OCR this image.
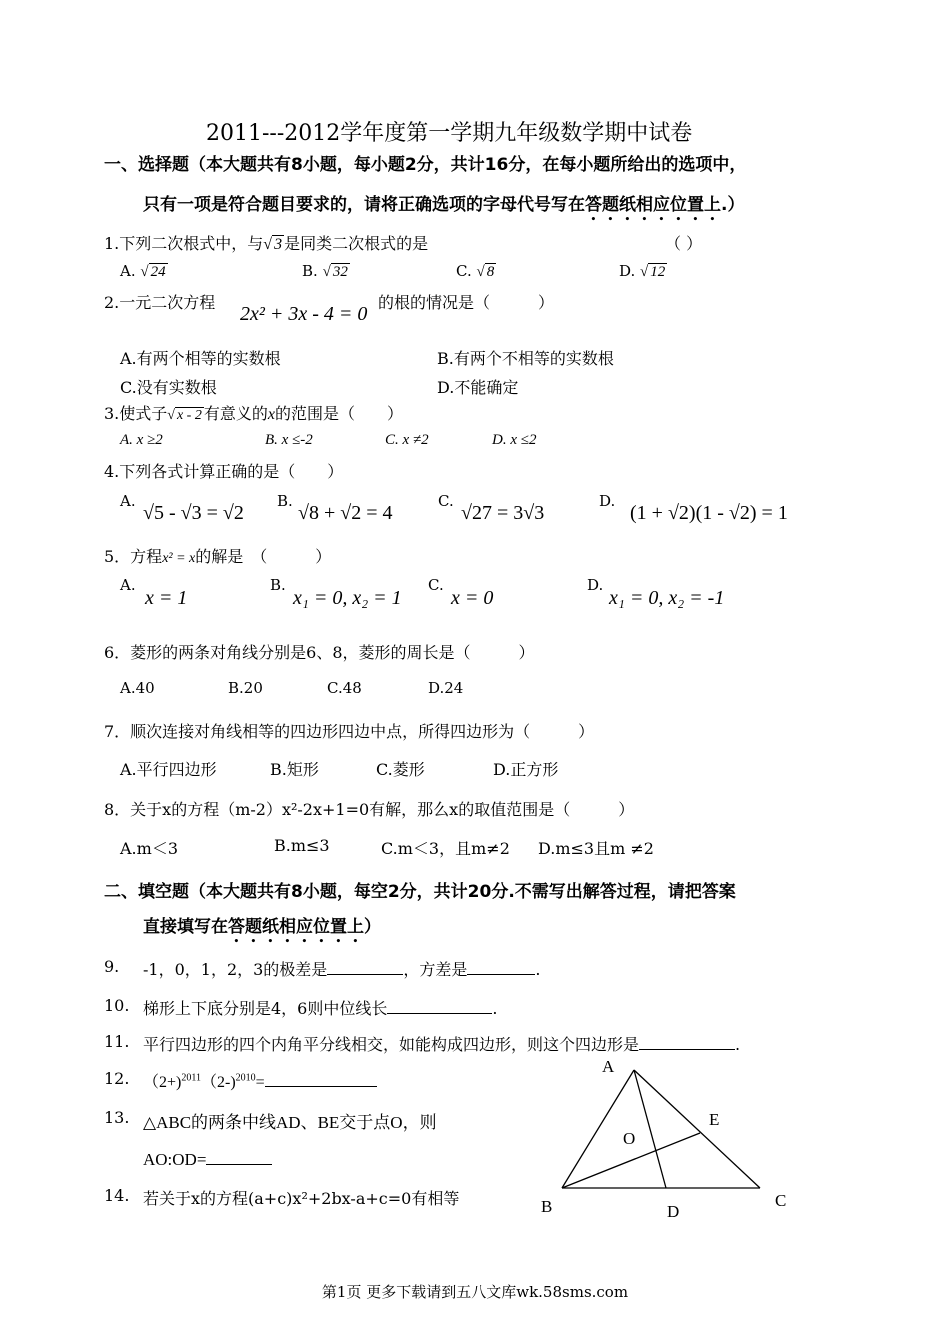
2011---2012学年度第一学期九年级数学期中试卷
一、选择题（本大题共有8小题，每小题2分，共计16分，在每小题所给出的选项中，
只有一项是符合题目要求的，请将正确选项的字母代号写在答题纸相应位置上.）
1.下列二次根式中，与√ 3 是同类二次根式的是	（ ）
A. √ 24	B. √ 32	C. √ 8	D. √ 12
2.一元二次方程
2x² + 3x - 4 = 0
的根的情况是（　　　）
A.有两个相等的实数根	B.有两个不相等的实数根
C.没有实数根	D.不能确定
3.使式子√ x - 2 有意义的x的范围是（　　）
A. x ≥2	B. x ≤-2	C. x ≠2	D. x ≤2
4.下列各式计算正确的是（　　）
A.
√5 - √3 = √2
B.
√8 + √2 = 4
C.
√27 = 3√3
D.
(1 + √2)(1 - √2) = 1
5．方程x² = x的解是　（　　　）
A.
x = 1
B.
x₁ = 0, x₂ = 1
C.
x = 0
D.
x₁ = 0, x₂ = -1
6．菱形的两条对角线分别是6、8，菱形的周长是（　　　）
A.40	B.20	C.48	D.24
7．顺次连接对角线相等的四边形四边中点，所得四边形为（　　　）
A.平行四边形	B.矩形	C.菱形	D.正方形
8．关于x的方程（m-2）x²-2x+1=0有解，那么x的取值范围是（　　　）
A.m＜3	B.m≤3	C.m＜3，且m≠2 D.m≤3且m ≠2
二、填空题（本大题共有8小题，每空2分，共计20分.不需写出解答过程，请把答案
直接填写在答题纸相应位置上）
9. -1，0，1，2，3的极差是	，方差是	.
10. 梯形上下底分别是4，6则中位线长	.
11. 平行四边形的四个内角平分线相交，如能构成四边形，则这个四边形是	.
12. （2+)$^{2011}$（2-)$^{2010}$=
13. △ABC的两条中线AD、BE交于点O，则
AO:OD=
14. 若关于x的方程(a+c)x²+2bx-a+c=0有相等
A
B	C
D
E
O
第1页 更多下载请到五八文库wk.58sms.com
